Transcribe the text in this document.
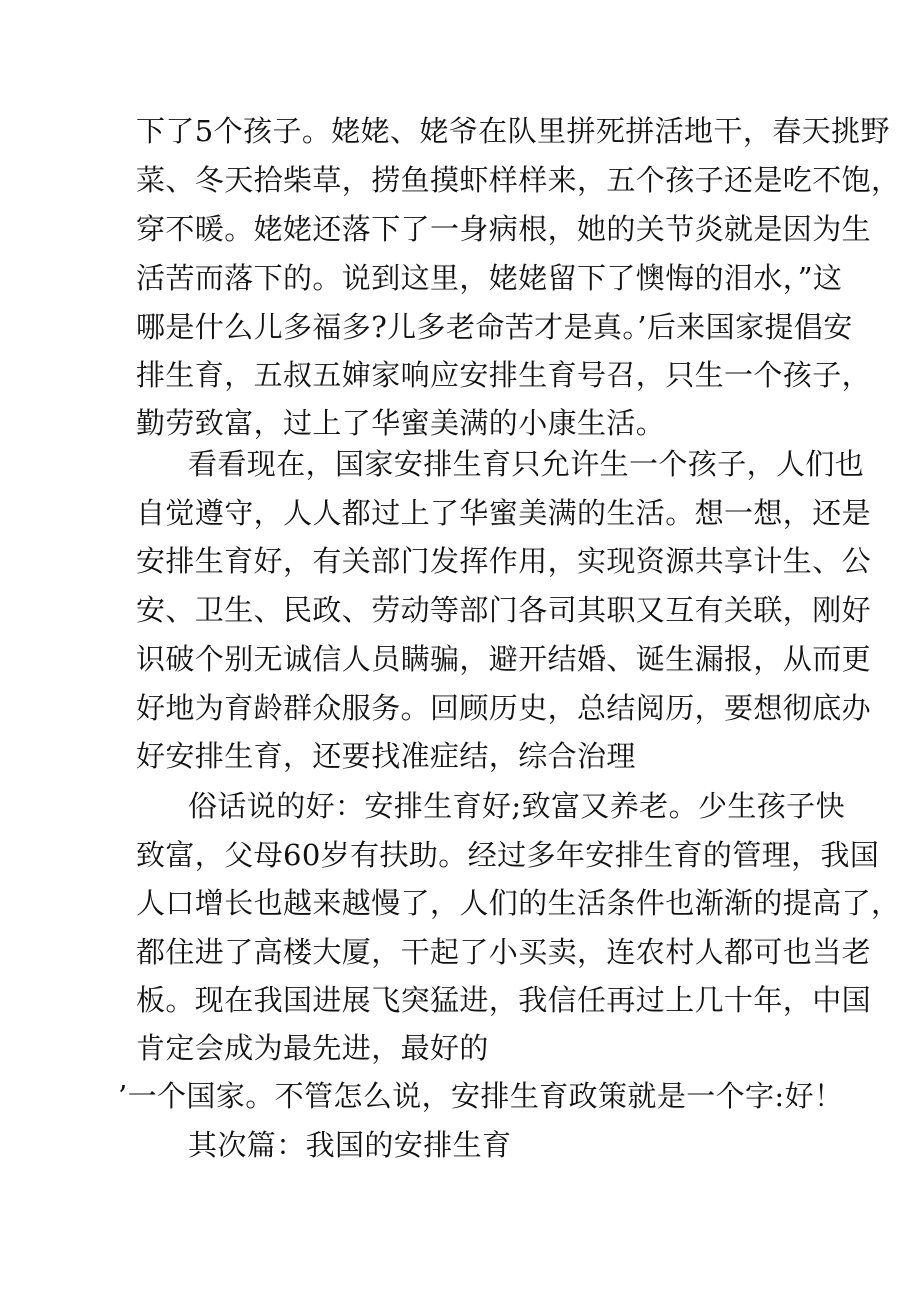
下了5个孩子。姥姥、姥爷在队里拼死拼活地干，春天挑野
菜、冬天拾柴草，捞鱼摸虾样样来，五个孩子还是吃不饱，
穿不暖。姥姥还落下了一身病根，她的关节炎就是因为生
活苦而落下的。说到这里，姥姥留下了懊悔的泪水，”这
哪是什么儿多福多?儿多老命苦才是真。’后来国家提倡安
排生育，五叔五婶家响应安排生育号召，只生一个孩子，
勤劳致富，过上了华蜜美满的小康生活。
看看现在，国家安排生育只允许生一个孩子，人们也
自觉遵守，人人都过上了华蜜美满的生活。想一想，还是
安排生育好，有关部门发挥作用，实现资源共享计生、公
安、卫生、民政、劳动等部门各司其职又互有关联，刚好
识破个别无诚信人员瞒骗，避开结婚、诞生漏报，从而更
好地为育龄群众服务。回顾历史，总结阅历，要想彻底办
好安排生育，还要找准症结，综合治理
俗话说的好：安排生育好;致富又养老。少生孩子快
致富，父母60岁有扶助。经过多年安排生育的管理，我国
人口增长也越来越慢了，人们的生活条件也渐渐的提高了，
都住进了高楼大厦，干起了小买卖，连农村人都可也当老
板。现在我国进展飞突猛进，我信任再过上几十年，中国
肯定会成为最先进，最好的
’一个国家。不管怎么说，安排生育政策就是一个字:好！
其次篇：我国的安排生育
